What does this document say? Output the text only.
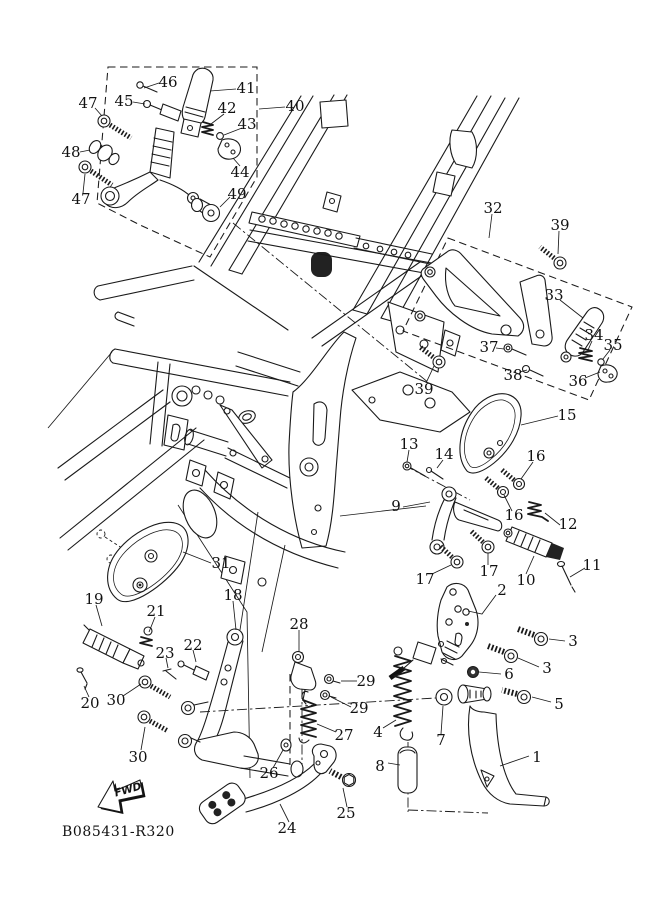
46	41
40
47 45	42
43
48
44
47	49
32
39
33
34
35
37
38	36
39
15
13
14	16
9	16 12
17	17 10
11
31
19	18
21
28
22
23
20 30
30
29
29
27 4
8
26
25
24
2
3
3
6
5
7
1
FWD
B085431-R320
